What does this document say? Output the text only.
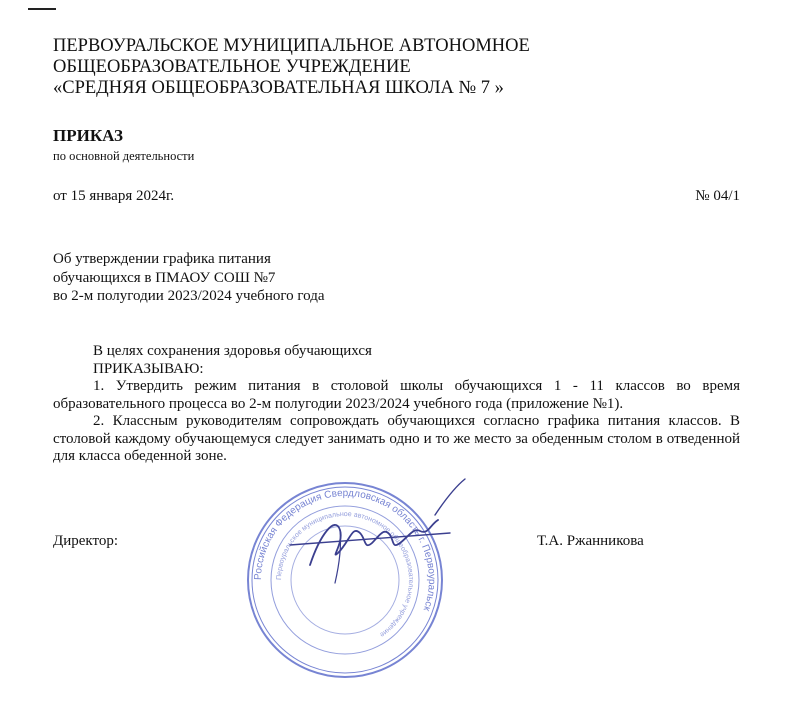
ПЕРВОУРАЛЬСКОЕ МУНИЦИПАЛЬНОЕ АВТОНОМНОЕ
ОБЩЕОБРАЗОВАТЕЛЬНОЕ УЧРЕЖДЕНИЕ
«СРЕДНЯЯ ОБЩЕОБРАЗОВАТЕЛЬНАЯ ШКОЛА № 7 »
ПРИКАЗ
по основной деятельности
от 15 января 2024г.	№ 04/1
Об утверждении графика питания
обучающихся в ПМАОУ СОШ №7
во 2-м полугодии 2023/2024 учебного года

В целях сохранения здоровья обучающихся

ПРИКАЗЫВАЮ:

1. Утвердить режим питания в столовой школы обучающихся 1 - 11 классов во время образовательного процесса во 2-м полугодии 2023/2024 учебного года (приложение №1).

2. Классным руководителям сопровождать обучающихся согласно графика питания классов. В столовой каждому обучающемуся следует занимать одно и то же место за обеденным столом в отведенной для класса обеденной зоне.

Директор:	Т.А. Ржанникова
Российская Федерация Свердловская область г. Первоуральск
Первоуральское муниципальное автономное общеобразовательное учреждение
